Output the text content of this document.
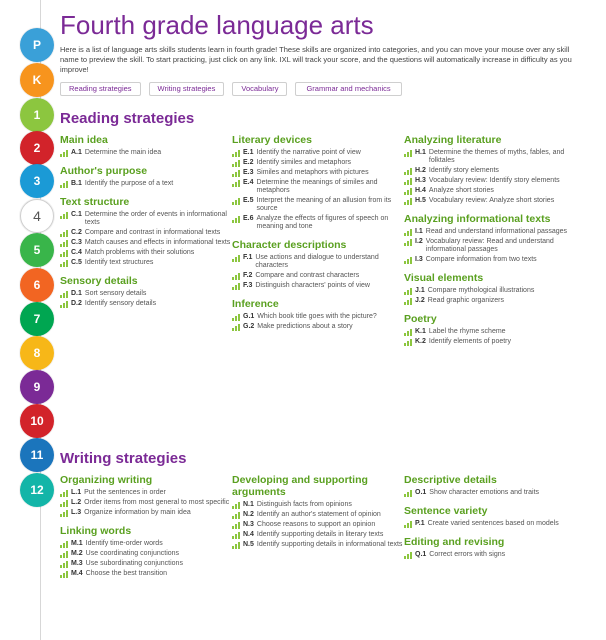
P
K
1
2
3
4
5
6
7
8
9
10
11
12
Fourth grade language arts

Here is a list of language arts skills students learn in fourth grade! These skills are organized into categories, and you can move your mouse over any skill name to preview the skill. To start practicing, just click on any link. IXL will track your score, and the questions will automatically increase in difficulty as you improve!

Reading strategies	Writing strategies	Vocabulary	Grammar and mechanics
Reading strategies
Main idea
A.1 Determine the main idea
Author's purpose
B.1 Identify the purpose of a text
Text structure
C.1 Determine the order of events in informational texts
C.2 Compare and contrast in informational texts
C.3 Match causes and effects in informational texts
C.4 Match problems with their solutions
C.5 Identify text structures
Sensory details
D.1 Sort sensory details
D.2 Identify sensory details
Literary devices
E.1 Identify the narrative point of view
E.2 Identify similes and metaphors
E.3 Similes and metaphors with pictures
E.4 Determine the meanings of similes and metaphors
E.5 Interpret the meaning of an allusion from its source
E.6 Analyze the effects of figures of speech on meaning and tone
Character descriptions
F.1 Use actions and dialogue to understand characters
F.2 Compare and contrast characters
F.3 Distinguish characters' points of view
Inference
G.1 Which book title goes with the picture?
G.2 Make predictions about a story
Analyzing literature
H.1 Determine the themes of myths, fables, and folktales
H.2 Identify story elements
H.3 Vocabulary review: Identify story elements
H.4 Analyze short stories
H.5 Vocabulary review: Analyze short stories
Analyzing informational texts
I.1 Read and understand informational passages
I.2 Vocabulary review: Read and understand informational passages
I.3 Compare information from two texts
Visual elements
J.1 Compare mythological illustrations
J.2 Read graphic organizers
Poetry
K.1 Label the rhyme scheme
K.2 Identify elements of poetry
Writing strategies
Organizing writing
L.1 Put the sentences in order
L.2 Order items from most general to most specific
L.3 Organize information by main idea
Linking words
M.1 Identify time-order words
M.2 Use coordinating conjunctions
M.3 Use subordinating conjunctions
M.4 Choose the best transition
Developing and supporting arguments
N.1 Distinguish facts from opinions
N.2 Identify an author's statement of opinion
N.3 Choose reasons to support an opinion
N.4 Identify supporting details in literary texts
N.5 Identify supporting details in informational texts
Descriptive details
O.1 Show character emotions and traits
Sentence variety
P.1 Create varied sentences based on models
Editing and revising
Q.1 Correct errors with signs
